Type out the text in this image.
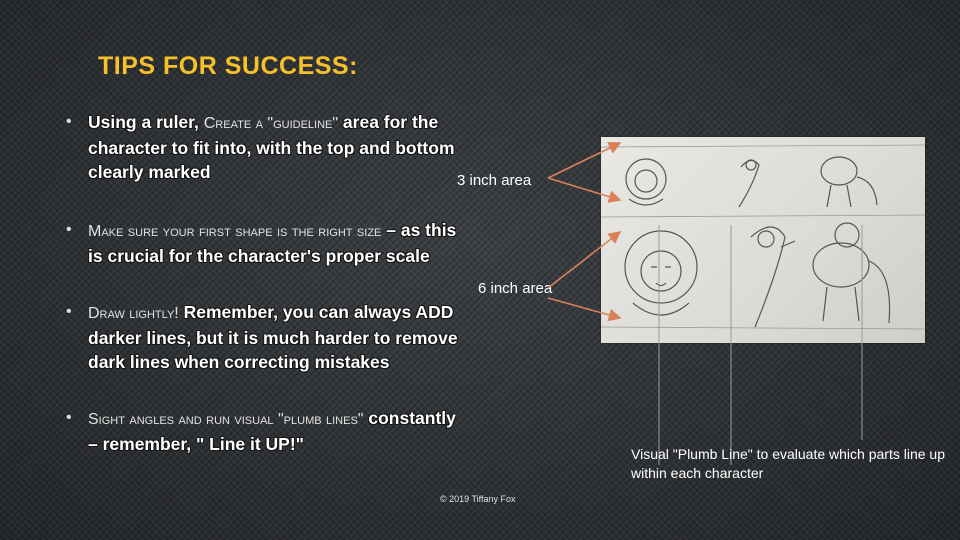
TIPS FOR SUCCESS:
• Using a ruler, Create a "guideline" area for the character to fit into, with the top and bottom clearly marked
• Make sure your first shape is the right size – as this is crucial for the character's proper scale
• Draw lightly! Remember, you can always ADD darker lines, but it is much harder to remove dark lines when correcting mistakes
• Sight angles and run visual "plumb lines" constantly – remember, " Line it UP!"
3 inch area
6 inch area
Visual "Plumb Line" to evaluate which parts line up within each character
© 2019 Tiffany Fox
